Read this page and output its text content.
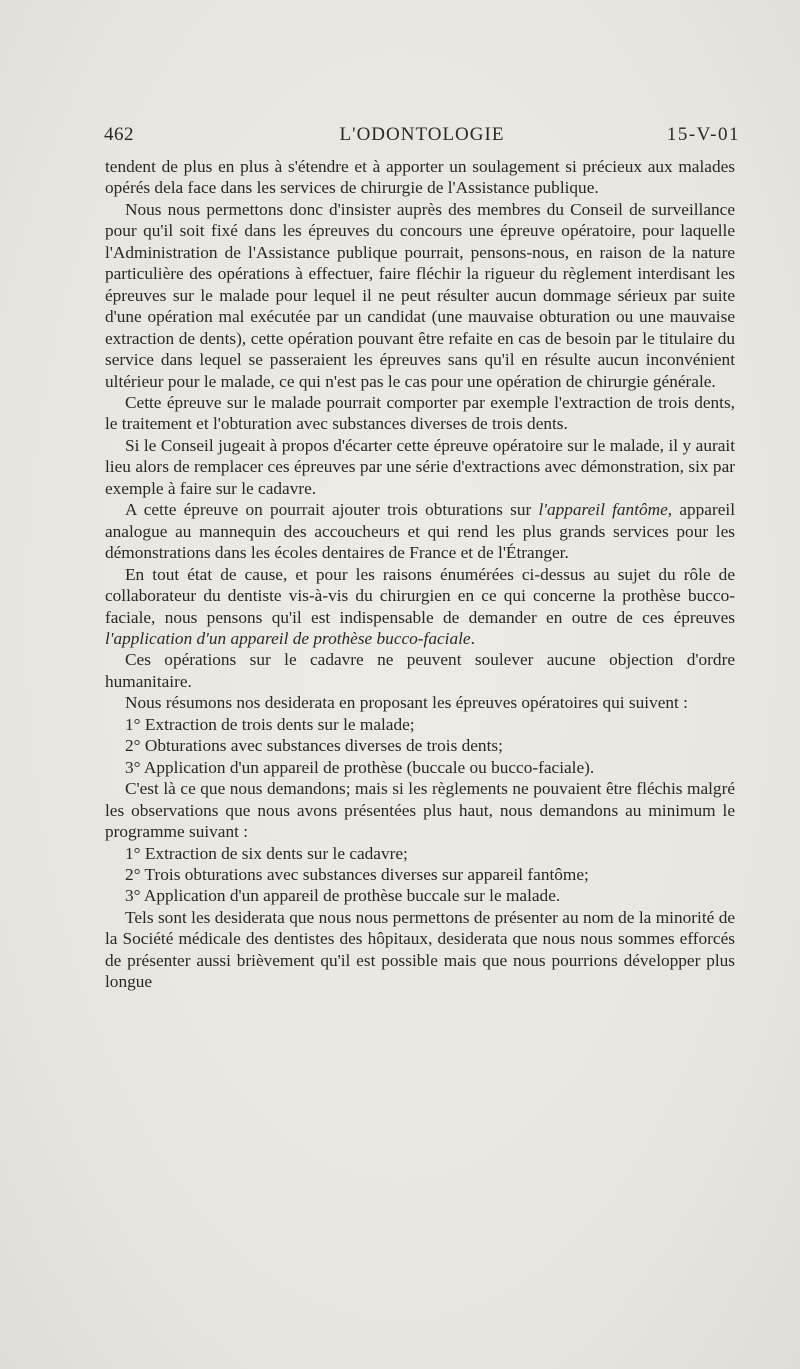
462	L'ODONTOLOGIE	15-V-01

tendent de plus en plus à s'étendre et à apporter un soulagement si précieux aux malades opérés dela face dans les services de chirurgie de l'Assistance publique.

Nous nous permettons donc d'insister auprès des membres du Conseil de surveillance pour qu'il soit fixé dans les épreuves du concours une épreuve opératoire, pour laquelle l'Administration de l'Assistance publique pourrait, pensons-nous, en raison de la nature particulière des opérations à effectuer, faire fléchir la rigueur du règlement interdisant les épreuves sur le malade pour lequel il ne peut résulter aucun dommage sérieux par suite d'une opération mal exécutée par un candidat (une mauvaise obturation ou une mauvaise extraction de dents), cette opération pouvant être refaite en cas de besoin par le titulaire du service dans lequel se passeraient les épreuves sans qu'il en résulte aucun inconvénient ultérieur pour le malade, ce qui n'est pas le cas pour une opération de chirurgie générale.

Cette épreuve sur le malade pourrait comporter par exemple l'extraction de trois dents, le traitement et l'obturation avec substances diverses de trois dents.

Si le Conseil jugeait à propos d'écarter cette épreuve opératoire sur le malade, il y aurait lieu alors de remplacer ces épreuves par une série d'extractions avec démonstration, six par exemple à faire sur le cadavre.

A cette épreuve on pourrait ajouter trois obturations sur l'appareil fantôme, appareil analogue au mannequin des accoucheurs et qui rend les plus grands services pour les démonstrations dans les écoles dentaires de France et de l'Étranger.

En tout état de cause, et pour les raisons énumérées ci-dessus au sujet du rôle de collaborateur du dentiste vis-à-vis du chirurgien en ce qui concerne la prothèse bucco-faciale, nous pensons qu'il est indispensable de demander en outre de ces épreuves l'application d'un appareil de prothèse bucco-faciale.

Ces opérations sur le cadavre ne peuvent soulever aucune objection d'ordre humanitaire.

Nous résumons nos desiderata en proposant les épreuves opératoires qui suivent :

1° Extraction de trois dents sur le malade;

2° Obturations avec substances diverses de trois dents;

3° Application d'un appareil de prothèse (buccale ou bucco-faciale).

C'est là ce que nous demandons; mais si les règlements ne pouvaient être fléchis malgré les observations que nous avons présentées plus haut, nous demandons au minimum le programme suivant :

1° Extraction de six dents sur le cadavre;

2° Trois obturations avec substances diverses sur appareil fantôme;

3° Application d'un appareil de prothèse buccale sur le malade.

Tels sont les desiderata que nous nous permettons de présenter au nom de la minorité de la Société médicale des dentistes des hôpitaux, desiderata que nous nous sommes efforcés de présenter aussi brièvement qu'il est possible mais que nous pourrions développer plus longue
